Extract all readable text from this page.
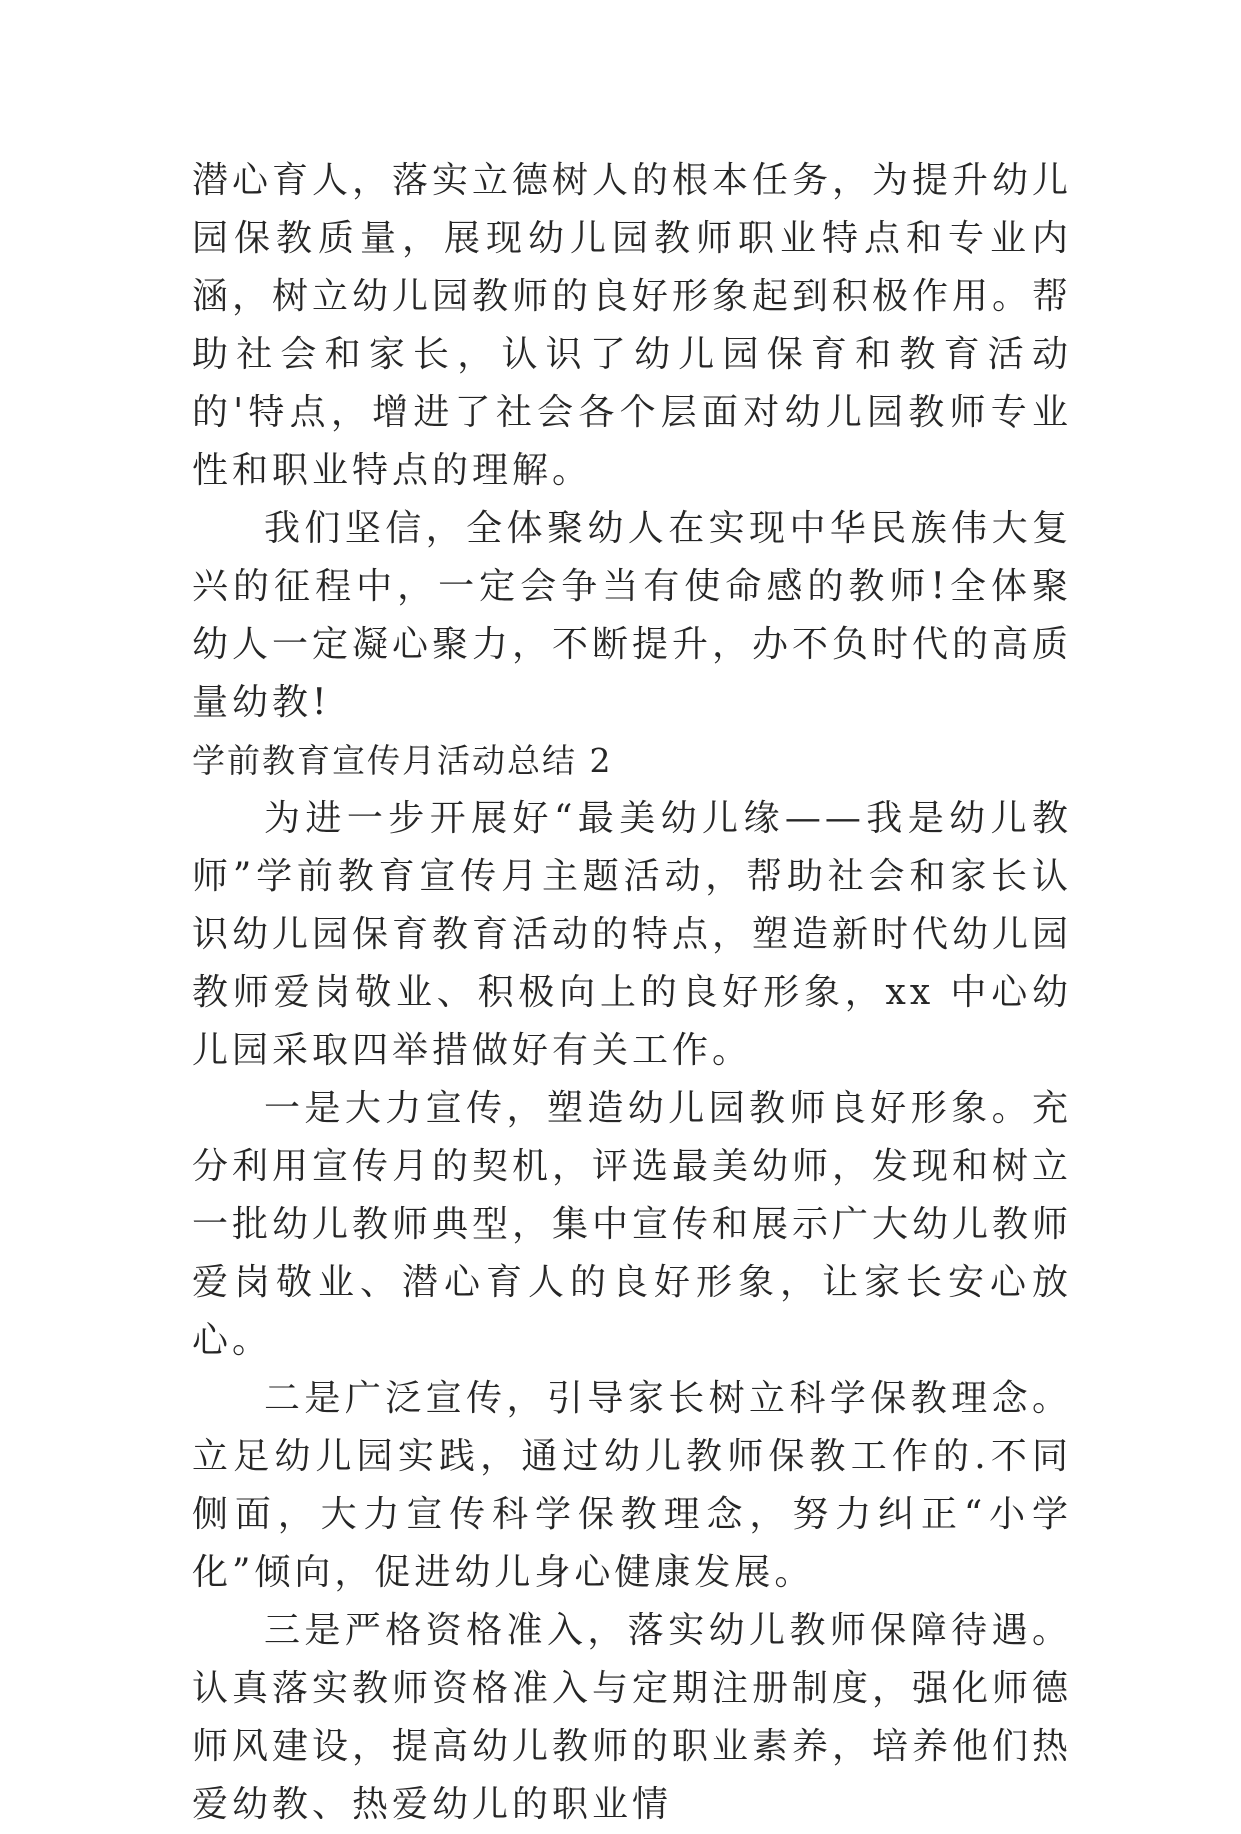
潜心育人，落实立德树人的根本任务，为提升幼儿园保教质量，展现幼儿园教师职业特点和专业内涵，树立幼儿园教师的良好形象起到积极作用。帮助社会和家长，认识了幼儿园保育和教育活动的'特点，增进了社会各个层面对幼儿园教师专业性和职业特点的理解。

我们坚信，全体聚幼人在实现中华民族伟大复兴的征程中，一定会争当有使命感的教师!全体聚幼人一定凝心聚力，不断提升，办不负时代的高质量幼教!

学前教育宣传月活动总结 2

为进一步开展好“最美幼儿缘——我是幼儿教师”学前教育宣传月主题活动，帮助社会和家长认识幼儿园保育教育活动的特点，塑造新时代幼儿园教师爱岗敬业、积极向上的良好形象，xx 中心幼儿园采取四举措做好有关工作。

一是大力宣传，塑造幼儿园教师良好形象。充分利用宣传月的契机，评选最美幼师，发现和树立一批幼儿教师典型，集中宣传和展示广大幼儿教师爱岗敬业、潜心育人的良好形象，让家长安心放心。

二是广泛宣传，引导家长树立科学保教理念。立足幼儿园实践，通过幼儿教师保教工作的.不同侧面，大力宣传科学保教理念，努力纠正“小学化”倾向，促进幼儿身心健康发展。

三是严格资格准入，落实幼儿教师保障待遇。认真落实教师资格准入与定期注册制度，强化师德师风建设，提高幼儿教师的职业素养，培养他们热爱幼教、热爱幼儿的职业情
